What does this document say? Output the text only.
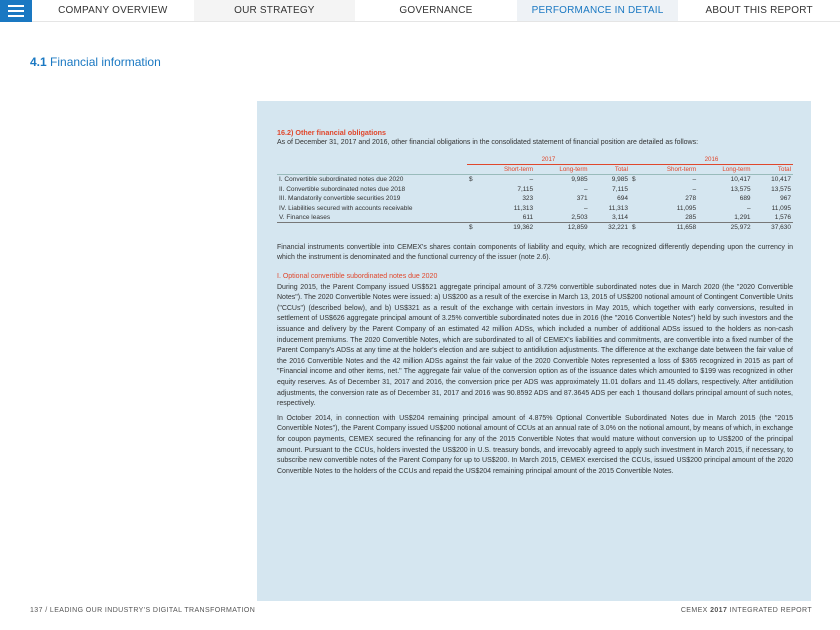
COMPANY OVERVIEW	OUR STRATEGY	GOVERNANCE	PERFORMANCE IN DETAIL	ABOUT THIS REPORT
4.1 Financial information
16.2) Other financial obligations
As of December 31, 2017 and 2016, other financial obligations in the consolidated statement of financial position are detailed as follows:
	2017				2016			
		Short-term	Long-term	Total		Short-term	Long-term	Total
I. Convertible subordinated notes due 2020	$	–	9,985	9,985	$	–	10,417	10,417
II. Convertible subordinated notes due 2018		7,115	–	7,115		–	13,575	13,575
III. Mandatorily convertible securities 2019		323	371	694		278	689	967
IV. Liabilities secured with accounts receivable		11,313	–	11,313		11,095	–	11,095
V. Finance leases		611	2,503	3,114		285	1,291	1,576
	$	19,362	12,859	32,221	$	11,658	25,972	37,630

Financial instruments convertible into CEMEX's shares contain components of liability and equity, which are recognized differently depending upon the currency in which the instrument is denominated and the functional currency of the issuer (note 2.6).

I. Optional convertible subordinated notes due 2020

During 2015, the Parent Company issued US$521 aggregate principal amount of 3.72% convertible subordinated notes due in March 2020 (the "2020 Convertible Notes"). The 2020 Convertible Notes were issued: a) US$200 as a result of the exercise in March 13, 2015 of US$200 notional amount of Contingent Convertible Units ("CCUs") (described below), and b) US$321 as a result of the exchange with certain investors in May 2015, which together with early conversions, resulted in settlement of US$626 aggregate principal amount of 3.25% convertible subordinated notes due in 2016 (the "2016 Convertible Notes") held by such investors and the issuance and delivery by the Parent Company of an estimated 42 million ADSs, which included a number of additional ADSs issued to the holders as non-cash inducement premiums. The 2020 Convertible Notes, which are subordinated to all of CEMEX's liabilities and commitments, are convertible into a fixed number of the Parent Company's ADSs at any time at the holder's election and are subject to antidilution adjustments. The difference at the exchange date between the fair value of the 2016 Convertible Notes and the 42 million ADSs against the fair value of the 2020 Convertible Notes represented a loss of $365 recognized in 2015 as part of "Financial income and other items, net." The aggregate fair value of the conversion option as of the issuance dates which amounted to $199 was recognized in other equity reserves. As of December 31, 2017 and 2016, the conversion price per ADS was approximately 11.01 dollars and 11.45 dollars, respectively. After antidilution adjustments, the conversion rate as of December 31, 2017 and 2016 was 90.8592 ADS and 87.3645 ADS per each 1 thousand dollars principal amount of such notes, respectively.

In October 2014, in connection with US$204 remaining principal amount of 4.875% Optional Convertible Subordinated Notes due in March 2015 (the "2015 Convertible Notes"), the Parent Company issued US$200 notional amount of CCUs at an annual rate of 3.0% on the notional amount, by means of which, in exchange for coupon payments, CEMEX secured the refinancing for any of the 2015 Convertible Notes that would mature without conversion up to US$200 of the principal amount. Pursuant to the CCUs, holders invested the US$200 in U.S. treasury bonds, and irrevocably agreed to apply such investment in March 2015, if necessary, to subscribe new convertible notes of the Parent Company for up to US$200. In March 2015, CEMEX exercised the CCUs, issued US$200 principal amount of the 2020 Convertible Notes to the holders of the CCUs and repaid the US$204 remaining principal amount of the 2015 Convertible Notes.

137 / LEADING OUR INDUSTRY'S DIGITAL TRANSFORMATION	CEMEX 2017 INTEGRATED REPORT
